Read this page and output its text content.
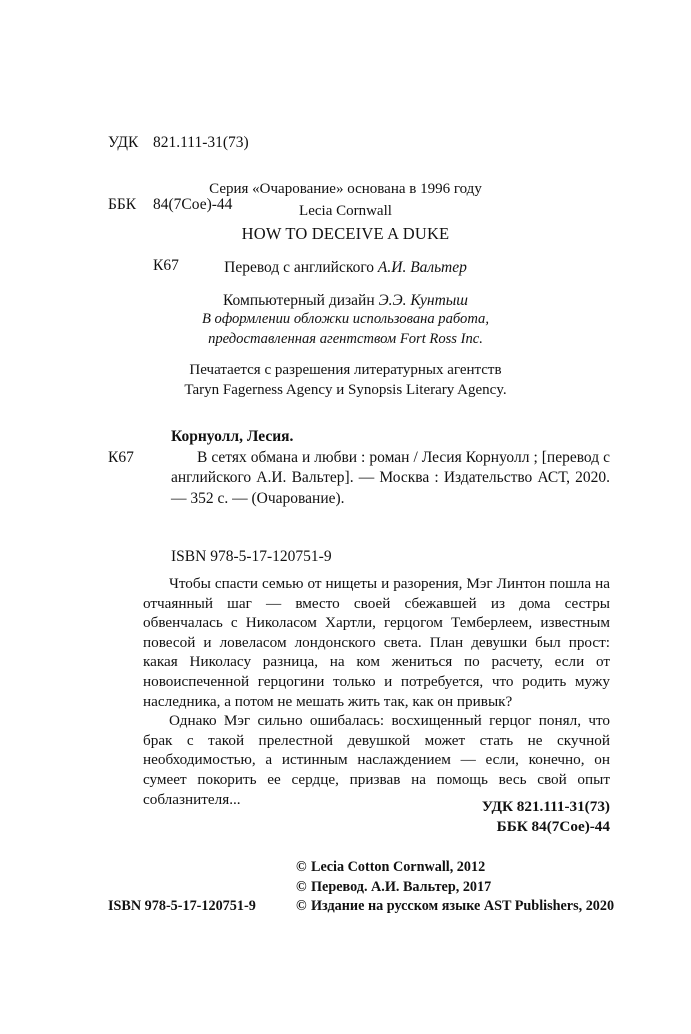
УДК 821.111-31(73)

ББК 84(7Сое)-44

К67

Серия «Очарование» основана в 1996 году
Lecia Cornwall
HOW TO DECEIVE A DUKE
Перевод с английского А.И. Вальтер
Компьютерный дизайн Э.Э. Кунтыш
В оформлении обложки использована работа,
предоставленная агентством Fort Ross Inc.
Печатается с разрешения литературных агентств
Taryn Fagerness Agency и Synopsis Literary Agency.
Корнуолл, Лесия.
К67	В сетях обмана и любви : роман / Лесия Корнуолл ; [перевод с английского А.И. Вальтер]. — Москва : Издательство АСТ, 2020. — 352 с. — (Очарование).
ISBN 978-5-17-120751-9

Чтобы спасти семью от нищеты и разорения, Мэг Линтон пошла на отчаянный шаг — вместо своей сбежавшей из дома сестры обвенчалась с Николасом Хартли, герцогом Темберлеем, известным повесой и ловеласом лондонского света. План девушки был прост: какая Николасу разница, на ком жениться по расчету, если от новоиспеченной герцогини только и потребуется, что родить мужу наследника, а потом не мешать жить так, как он привык?

Однако Мэг сильно ошибалась: восхищенный герцог понял, что брак с такой прелестной девушкой может стать не скучной необходимостью, а истинным наслаждением — если, конечно, он сумеет покорить ее сердце, призвав на помощь весь свой опыт соблазнителя...	УДК 821.111-31(73)
ББК 84(7Сое)-44
© Lecia Cotton Cornwall, 2012
© Перевод. А.И. Вальтер, 2017
© Издание на русском языке AST Publishers, 2020
ISBN 978-5-17-120751-9
